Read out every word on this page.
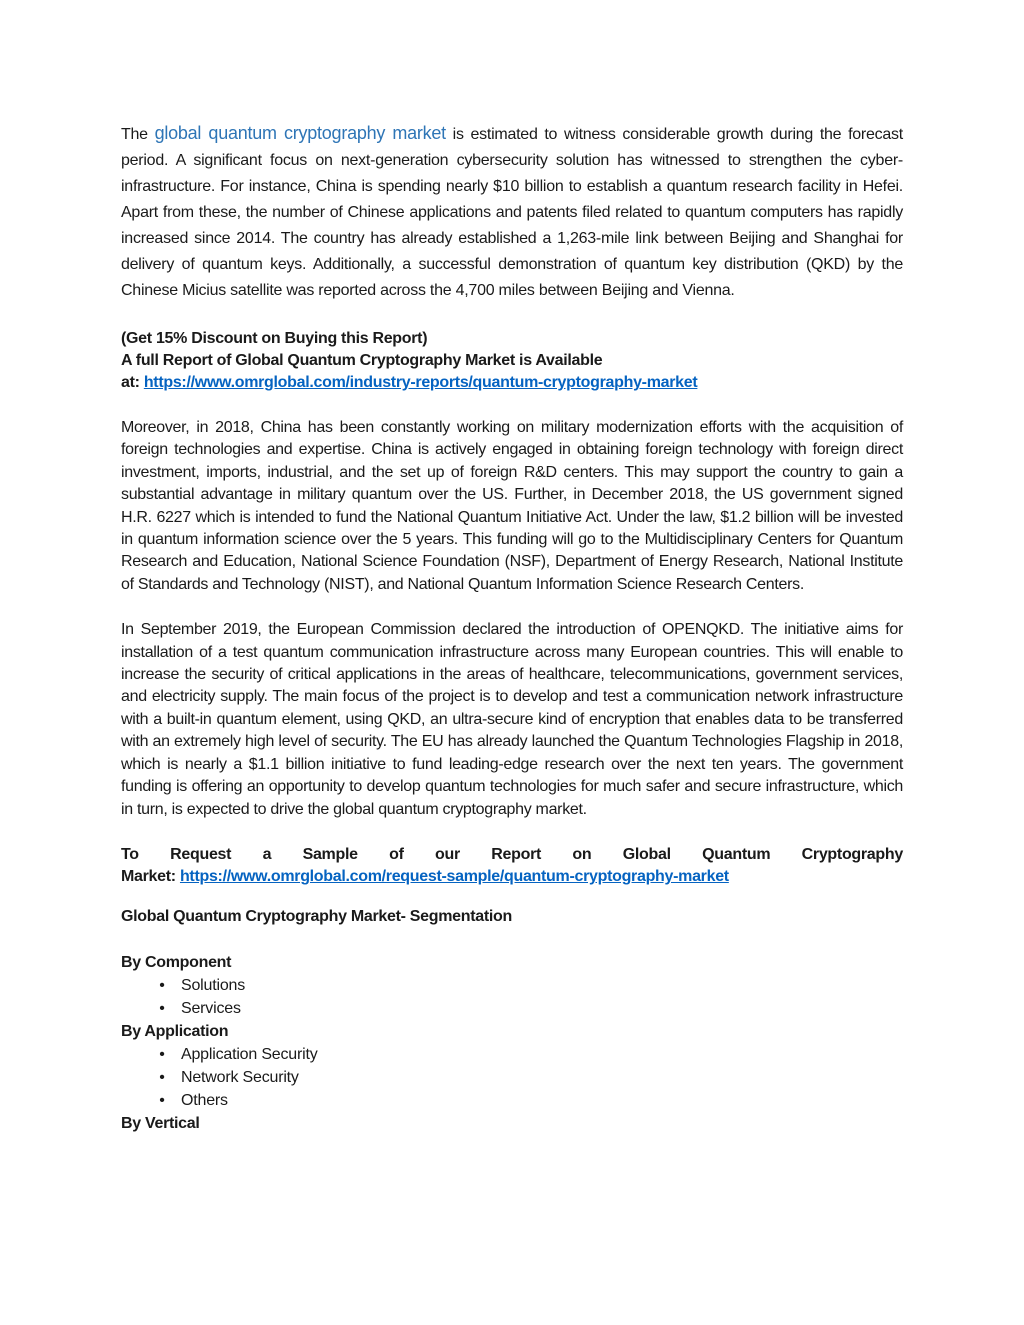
The global quantum cryptography market is estimated to witness considerable growth during the forecast period. A significant focus on next-generation cybersecurity solution has witnessed to strengthen the cyber-infrastructure. For instance, China is spending nearly $10 billion to establish a quantum research facility in Hefei. Apart from these, the number of Chinese applications and patents filed related to quantum computers has rapidly increased since 2014. The country has already established a 1,263-mile link between Beijing and Shanghai for delivery of quantum keys. Additionally, a successful demonstration of quantum key distribution (QKD) by the Chinese Micius satellite was reported across the 4,700 miles between Beijing and Vienna.

(Get 15% Discount on Buying this Report)
A full Report of Global Quantum Cryptography Market is Available
at: https://www.omrglobal.com/industry-reports/quantum-cryptography-market

Moreover, in 2018, China has been constantly working on military modernization efforts with the acquisition of foreign technologies and expertise. China is actively engaged in obtaining foreign technology with foreign direct investment, imports, industrial, and the set up of foreign R&D centers. This may support the country to gain a substantial advantage in military quantum over the US. Further, in December 2018, the US government signed H.R. 6227 which is intended to fund the National Quantum Initiative Act. Under the law, $1.2 billion will be invested in quantum information science over the 5 years. This funding will go to the Multidisciplinary Centers for Quantum Research and Education, National Science Foundation (NSF), Department of Energy Research, National Institute of Standards and Technology (NIST), and National Quantum Information Science Research Centers.

In September 2019, the European Commission declared the introduction of OPENQKD. The initiative aims for installation of a test quantum communication infrastructure across many European countries. This will enable to increase the security of critical applications in the areas of healthcare, telecommunications, government services, and electricity supply. The main focus of the project is to develop and test a communication network infrastructure with a built-in quantum element, using QKD, an ultra-secure kind of encryption that enables data to be transferred with an extremely high level of security. The EU has already launched the Quantum Technologies Flagship in 2018, which is nearly a $1.1 billion initiative to fund leading-edge research over the next ten years. The government funding is offering an opportunity to develop quantum technologies for much safer and secure infrastructure, which in turn, is expected to drive the global quantum cryptography market.

To Request a Sample of our Report on Global Quantum Cryptography
Market: https://www.omrglobal.com/request-sample/quantum-cryptography-market
Global Quantum Cryptography Market- Segmentation
By Component
• Solutions
• Services
By Application
• Application Security
• Network Security
• Others
By Vertical
